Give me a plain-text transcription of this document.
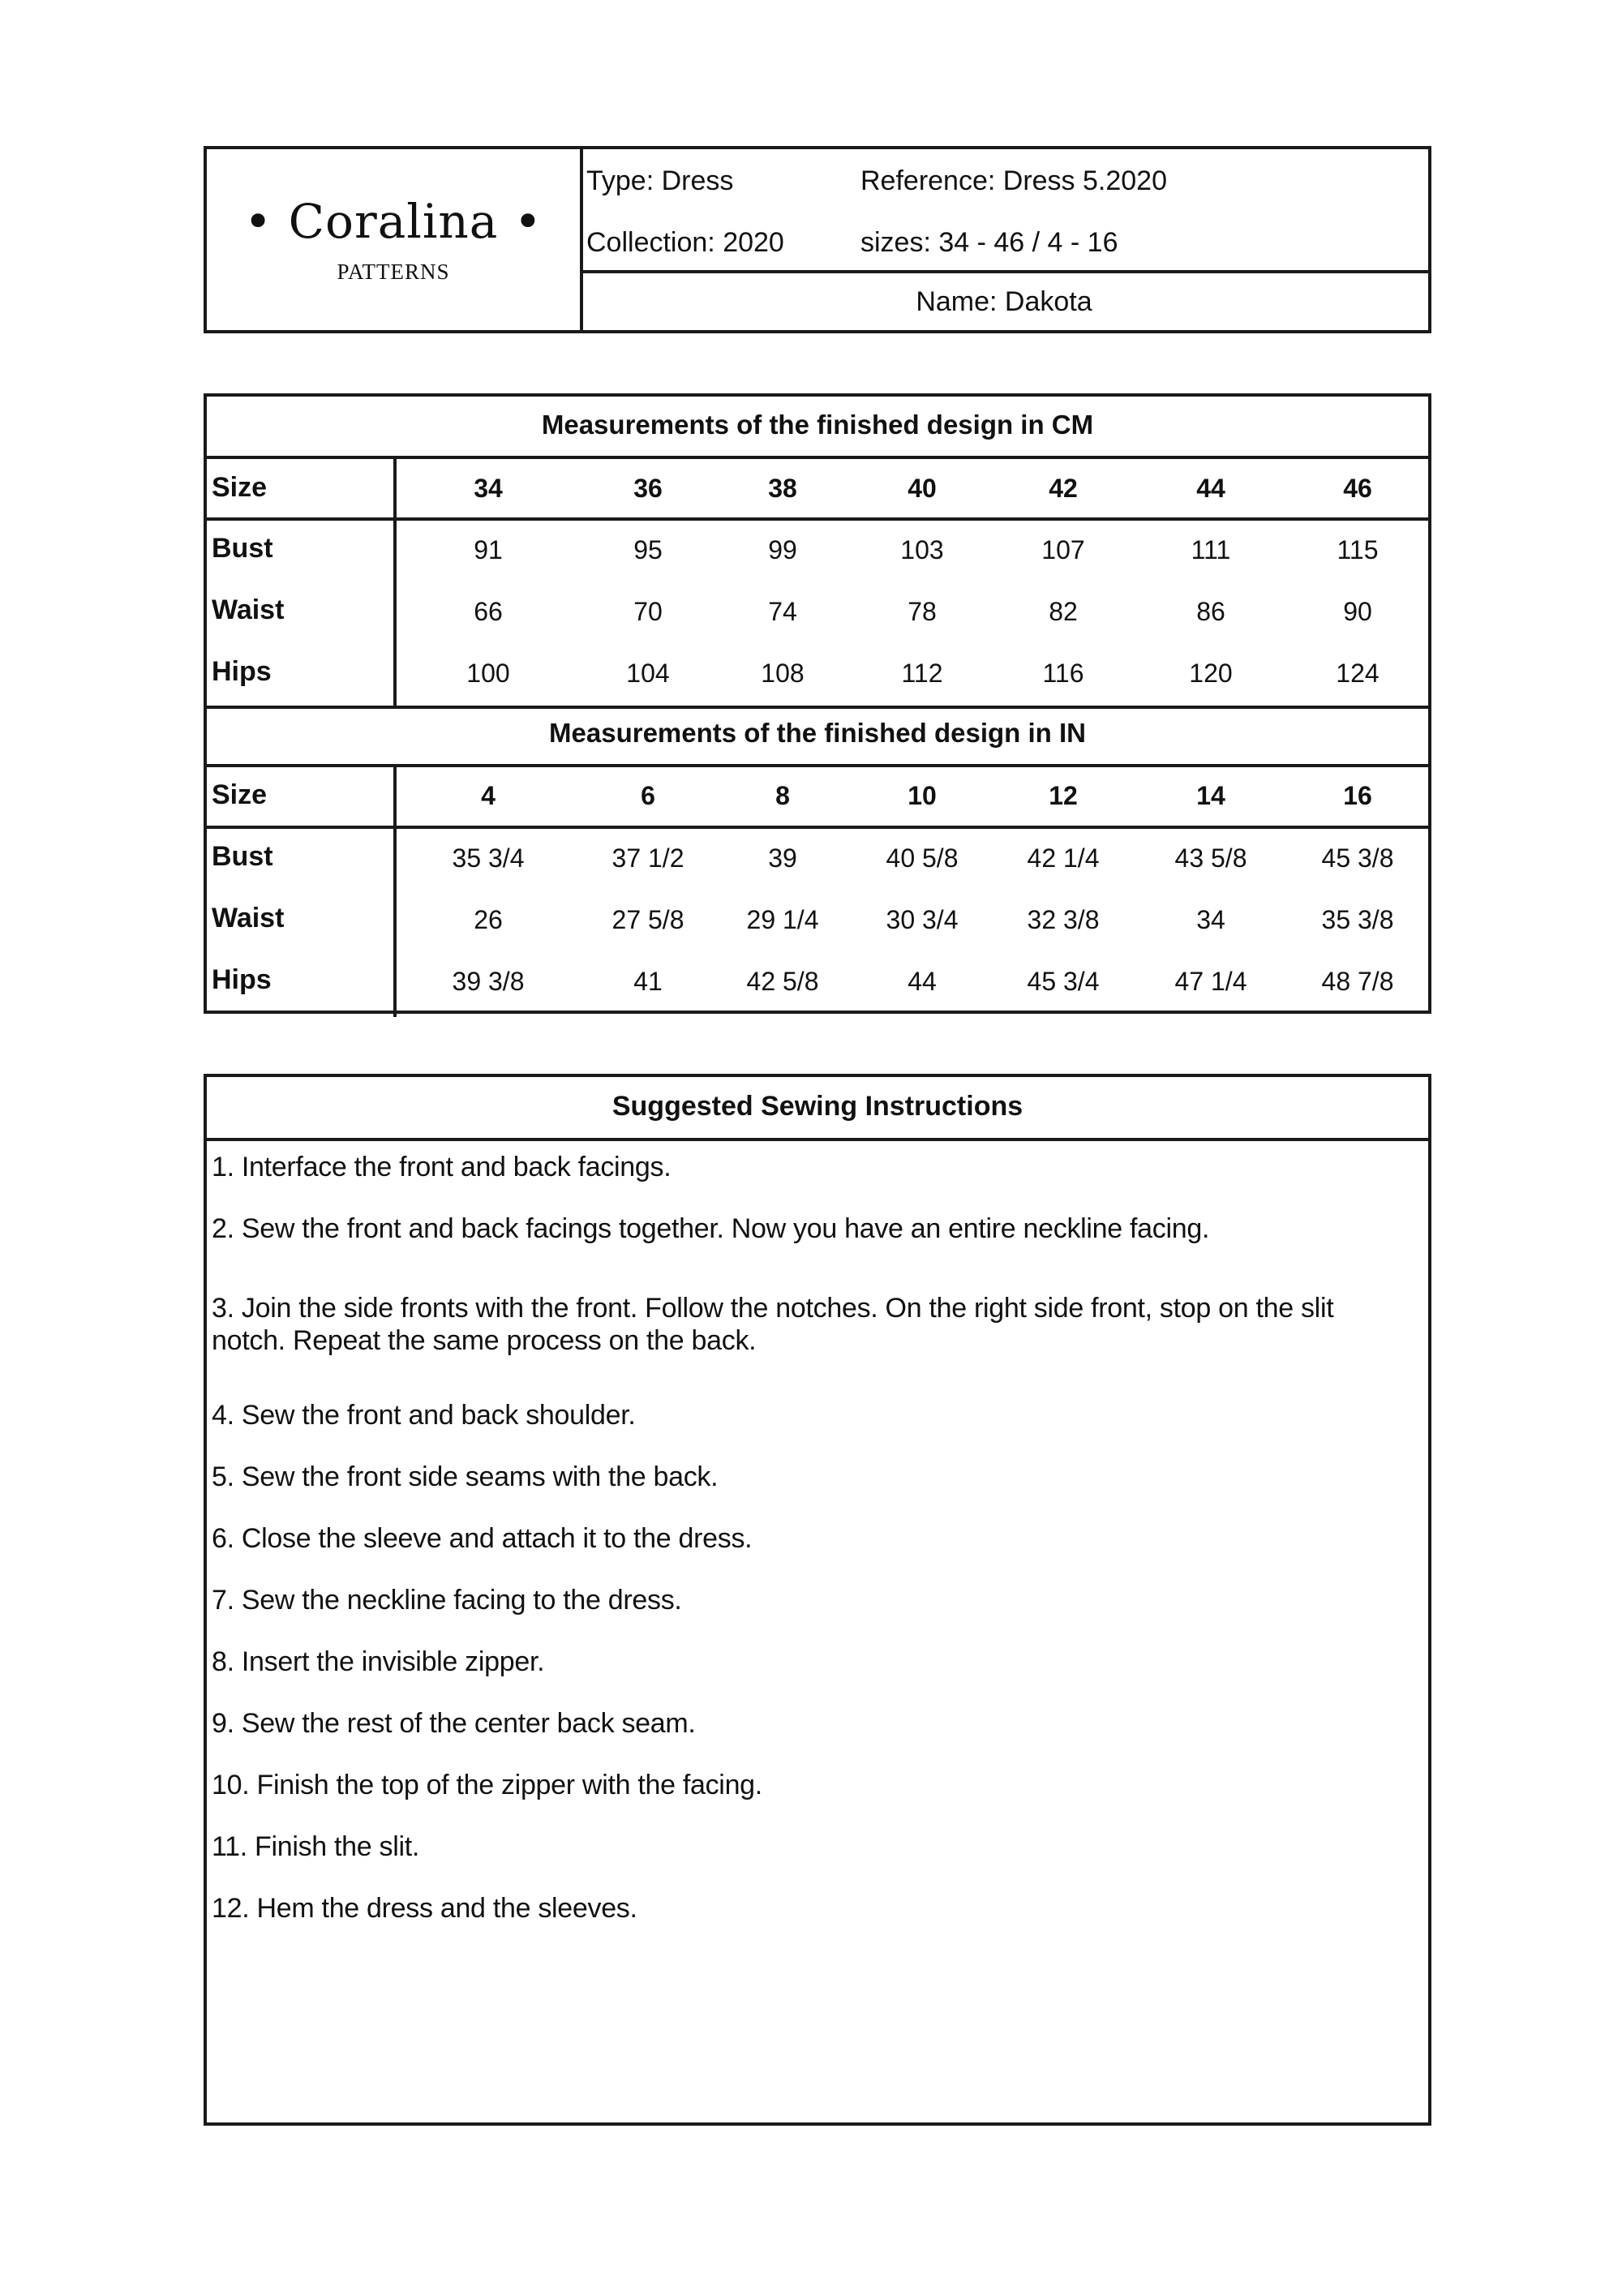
• Coralina •
PATTERNS
Type: Dress	Reference: Dress 5.2020
Collection: 2020	sizes: 34 - 46 / 4 - 16
Name: Dakota
Measurements of the finished design in CM
Size	34	36	38	40	42	44	46
Bust	91	95	99	103	107	111	115
Waist	66	70	74	78	82	86	90
Hips	100	104	108	112	116	120	124
Measurements of the finished design in IN
Size	4	6	8	10	12	14	16
Bust	35 3/4	37 1/2	39	40 5/8	42 1/4	43 5/8	45 3/8
Waist	26	27 5/8	29 1/4	30 3/4	32 3/8	34	35 3/8
Hips	39 3/8	41	42 5/8	44	45 3/4	47 1/4	48 7/8
Suggested Sewing Instructions
1. Interface the front and back facings.
2. Sew the front and back facings together. Now you have an entire neckline facing.
3. Join the side fronts with the front. Follow the notches. On the right side front, stop on the slit notch. Repeat the same process on the back.
4. Sew the front and back shoulder.
5. Sew the front side seams with the back.
6. Close the sleeve and attach it to the dress.
7. Sew the neckline facing to the dress.
8. Insert the invisible zipper.
9. Sew the rest of the center back seam.
10. Finish the top of the zipper with the facing.
11. Finish the slit.
12. Hem the dress and the sleeves.
